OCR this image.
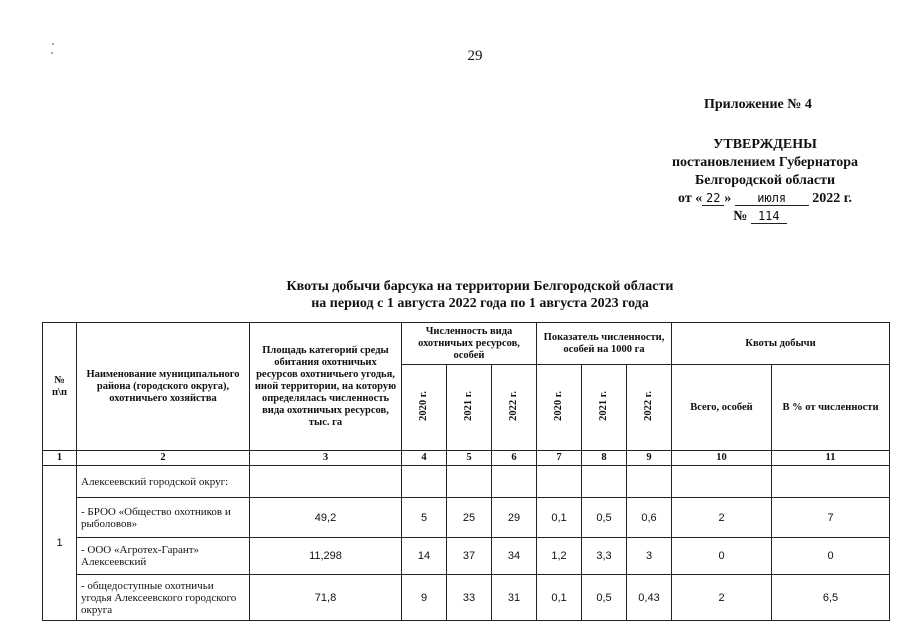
29
Приложение № 4
УТВЕРЖДЕНЫ
постановлением Губернатора
Белгородской области
от « 22 » июля 2022 г.
№ 114
Квоты добычи барсука на территории Белгородской области
на период с 1 августа 2022 года по 1 августа 2023 года
№ п\п	Наименование муниципального района (городского округа), охотничьего хозяйства	Площадь категорий среды обитания охотничьих ресурсов охотничьего угодья, иной территории, на которую определялась численность вида охотничьих ресурсов, тыс. га	Численность вида охотничьих ресурсов, особей			Показатель численности, особей на 1000 га			Квоты добычи	
			2020 г.	2021 г.	2022 г.	2020 г.	2021 г.	2022 г.	Всего, особей	В % от численности
1	2	3	4	5	6	7	8	9	10	11
1	Алексеевский городской округ:									
	- БРОО «Общество охотников и рыболовов»	49,2	5	25	29	0,1	0,5	0,6	2	7
	- ООО «Агротех-Гарант» Алексеевский	11,298	14	37	34	1,2	3,3	3	0	0
	- общедоступные охотничьи угодья Алексеевского городского округа	71,8	9	33	31	0,1	0,5	0,43	2	6,5
